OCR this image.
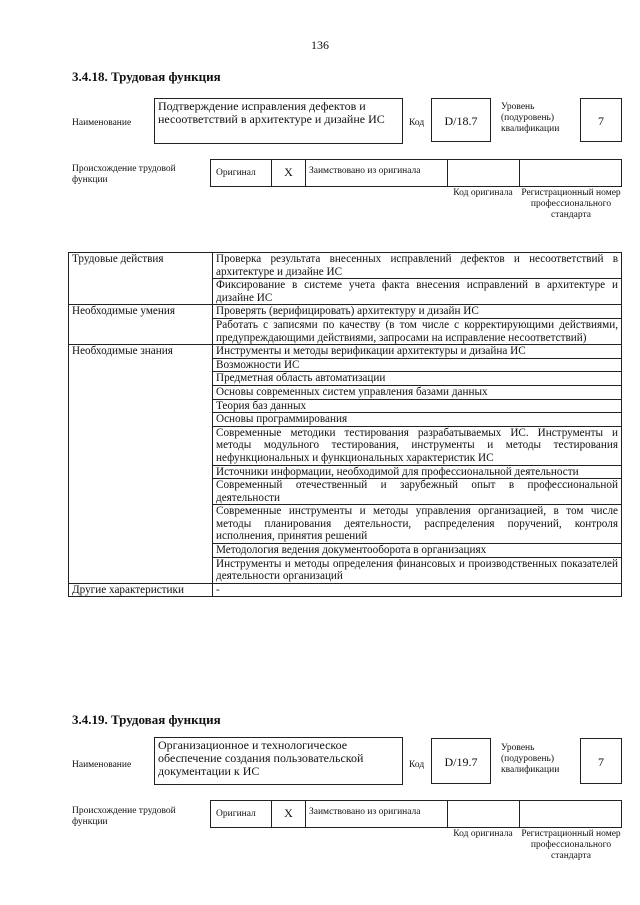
136
3.4.18. Трудовая функция
Наименование
Подтверждение исправления дефектов и несоответствий в архитектуре и дизайне ИС	Код	D/18.7
Уровень (подуровень) квалификации
7
Происхождение трудовой функции
Оригинал	X	Заимствовано из оригинала
Код оригинала Регистрационный номер профессионального стандарта
Трудовые действия	Проверка результата внесенных исправлений дефектов и несоответствий в архитектуре и дизайне ИС
	Фиксирование в системе учета факта внесения исправлений в архитектуре и дизайне ИС
Необходимые умения	Проверять (верифицировать) архитектуру и дизайн ИС
	Работать с записями по качеству (в том числе с корректирующими действиями, предупреждающими действиями, запросами на исправление несоответствий)
Необходимые знания	Инструменты и методы верификации архитектуры и дизайна ИС
	Возможности ИС
	Предметная область автоматизации
	Основы современных систем управления базами данных
	Теория баз данных
	Основы программирования
	Современные методики тестирования разрабатываемых ИС. Инструменты и методы модульного тестирования, инструменты и методы тестирования нефункциональных и функциональных характеристик ИС
	Источники информации, необходимой для профессиональной деятельности
	Современный отечественный и зарубежный опыт в профессиональной деятельности
	Современные инструменты и методы управления организацией, в том числе методы планирования деятельности, распределения поручений, контроля исполнения, принятия решений
	Методология ведения документооборота в организациях
	Инструменты и методы определения финансовых и производственных показателей деятельности организаций
Другие характеристики	-
3.4.19. Трудовая функция
Наименование
Организационное и технологическое обеспечение создания пользовательской документации к ИС	Код	D/19.7
Уровень (подуровень) квалификации
7
Происхождение трудовой функции
Оригинал	X	Заимствовано из оригинала
Код оригинала Регистрационный номер профессионального стандарта
